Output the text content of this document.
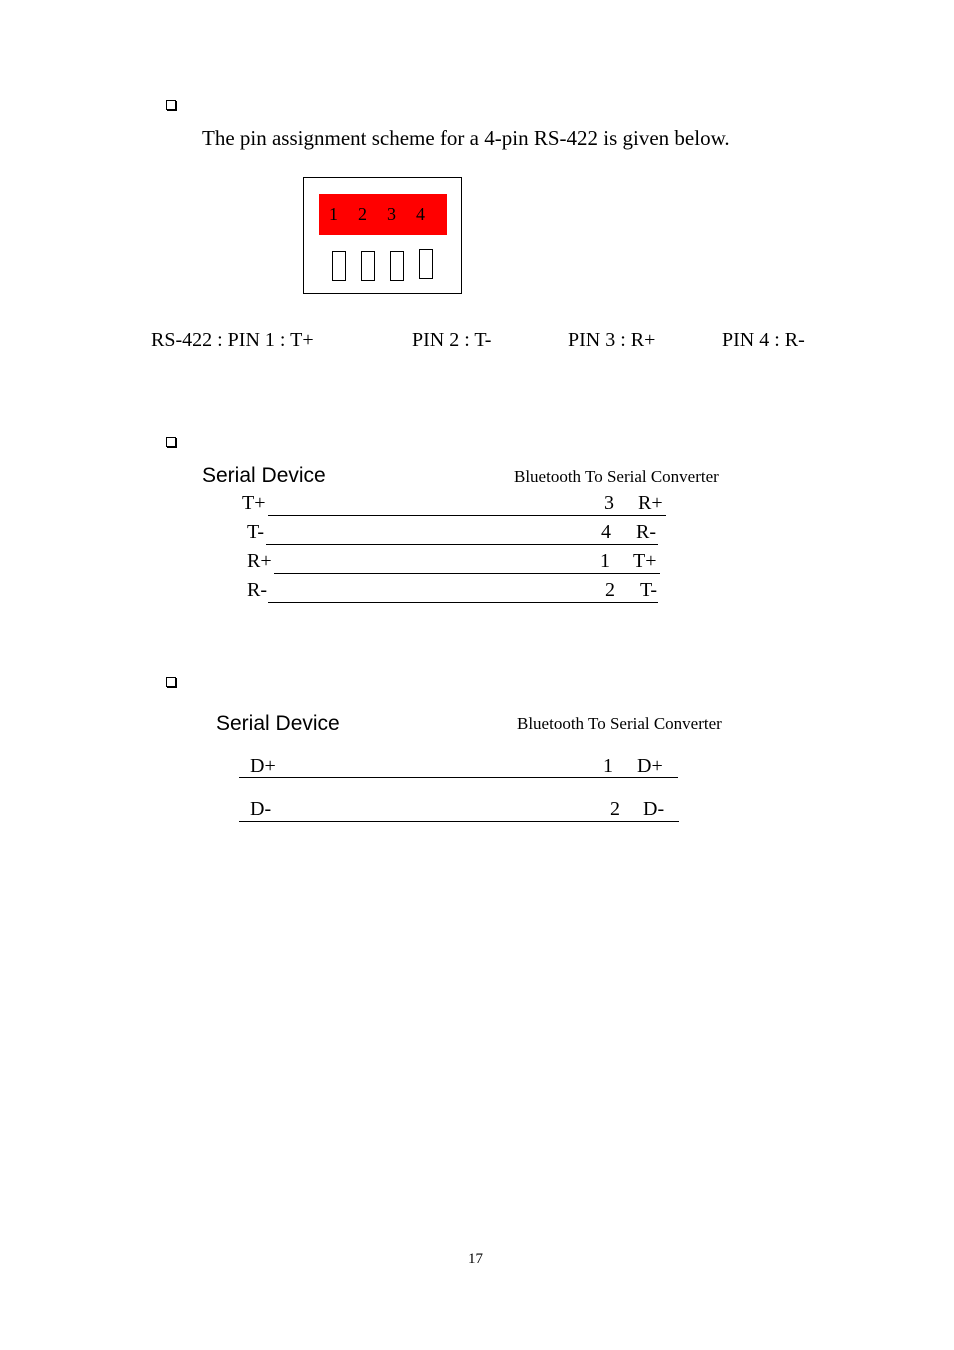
The pin assignment scheme for a 4-pin RS-422 is given below.
1	2	3	4
RS-422 : PIN 1 : T+	PIN 2 : T-	PIN 3 : R+	PIN 4 : R-
Serial Device	Bluetooth To Serial Converter
T+	3 R+
T-	4 R-
R+	1 T+
R-	2 T-
Serial Device	Bluetooth To Serial Converter
D+	1 D+
D-	2 D-
17
